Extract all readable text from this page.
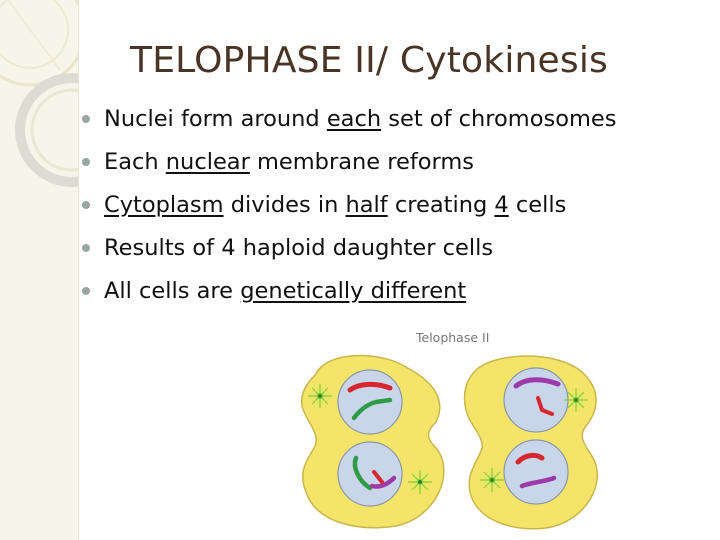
TELOPHASE II/ Cytokinesis
Nuclei form around each set of chromosomes
Each nuclear membrane reforms
Cytoplasm divides in half creating 4 cells
Results of 4 haploid daughter cells
All cells are genetically different
Telophase II
